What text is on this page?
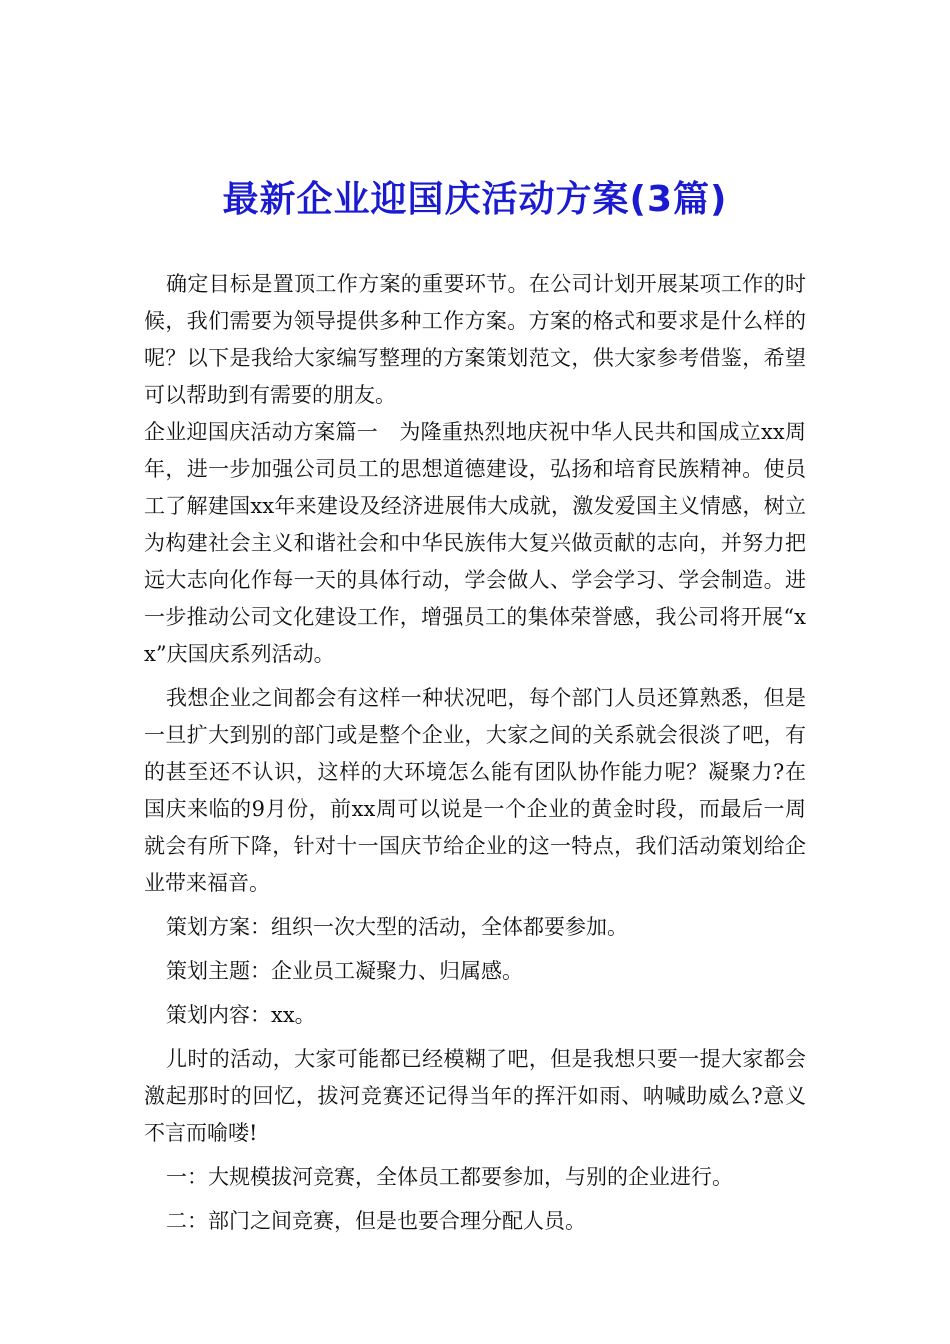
最新企业迎国庆活动方案(3篇)

确定目标是置顶工作方案的重要环节。在公司计划开展某项工作的时候，我们需要为领导提供多种工作方案。方案的格式和要求是什么样的呢？以下是我给大家编写整理的方案策划范文，供大家参考借鉴，希望可以帮助到有需要的朋友。

企业迎国庆活动方案篇一　为隆重热烈地庆祝中华人民共和国成立xx周年，进一步加强公司员工的思想道德建设，弘扬和培育民族精神。使员工了解建国xx年来建设及经济进展伟大成就，激发爱国主义情感，树立为构建社会主义和谐社会和中华民族伟大复兴做贡献的志向，并努力把远大志向化作每一天的具体行动，学会做人、学会学习、学会制造。进一步推动公司文化建设工作，增强员工的集体荣誉感，我公司将开展“xx”庆国庆系列活动。

我想企业之间都会有这样一种状况吧，每个部门人员还算熟悉，但是一旦扩大到别的部门或是整个企业，大家之间的关系就会很淡了吧，有的甚至还不认识，这样的大环境怎么能有团队协作能力呢？凝聚力?在国庆来临的9月份，前xx周可以说是一个企业的黄金时段，而最后一周就会有所下降，针对十一国庆节给企业的这一特点，我们活动策划给企业带来福音。

策划方案：组织一次大型的活动，全体都要参加。

策划主题：企业员工凝聚力、归属感。

策划内容：xx。

儿时的活动，大家可能都已经模糊了吧，但是我想只要一提大家都会激起那时的回忆，拔河竞赛还记得当年的挥汗如雨、呐喊助威么?意义不言而喻喽!

一：大规模拔河竞赛，全体员工都要参加，与别的企业进行。

二：部门之间竞赛，但是也要合理分配人员。
